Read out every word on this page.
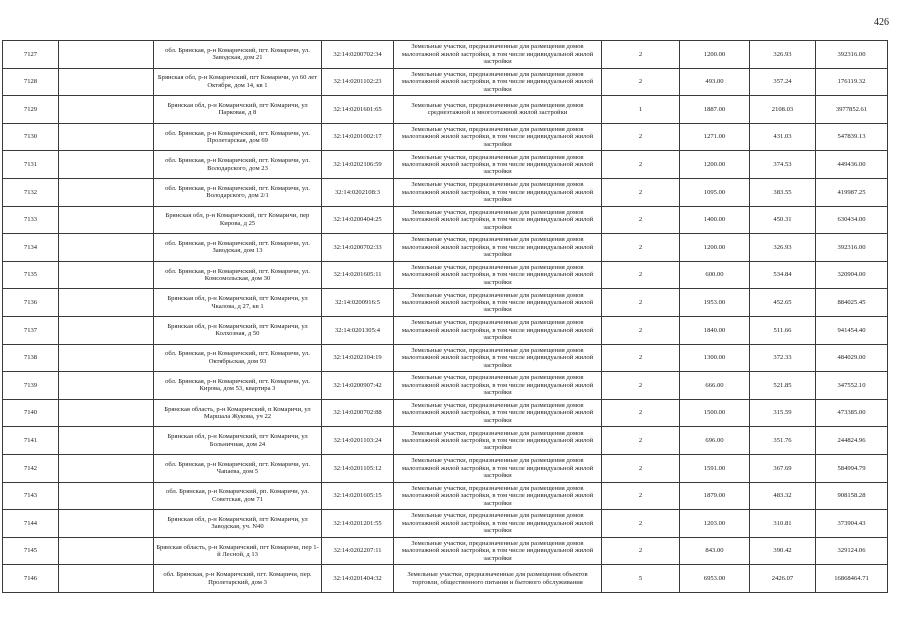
426
7127		обл. Брянская, р-н Комаричский, пгт. Комаричи, ул. Заводская, дом 21	32:14:0200702:34	Земельные участки, предназначенные для размещения домов малоэтажной жилой застройки, в том числе индивидуальной жилой застройки	2	1200.00	326.93	392316.00
7128		Брянская обл, р-н Комаричский, пгт Комаричи, ул 60 лет Октября, дом 14, кв 1	32:14:0201102:23	Земельные участки, предназначенные для размещения домов малоэтажной жилой застройки, в том числе индивидуальной жилой застройки	2	493.00	357.24	176119.32
7129		Брянская обл, р-н Комаричский, пгт Комаричи, ул Парковая, д 8	32:14:0201601:65	Земельные участки, предназначенные для размещения домов среднеэтажной и многоэтажной жилой застройки	1	1887.00	2108.03	3977852.61
7130		обл. Брянская, р-н Комаричский, пгт. Комаричи, ул. Пролетарская, дом 69	32:14:0201002:17	Земельные участки, предназначенные для размещения домов малоэтажной жилой застройки, в том числе индивидуальной жилой застройки	2	1271.00	431.03	547839.13
7131		обл. Брянская, р-н Комаричский, пгт. Комаричи, ул. Володарского, дом 23	32:14:0202106:59	Земельные участки, предназначенные для размещения домов малоэтажной жилой застройки, в том числе индивидуальной жилой застройки	2	1200.00	374.53	449436.00
7132		обл. Брянская, р-н Комаричский, пгт. Комаричи, ул. Володарского, дом 2/1	32:14:0202108:3	Земельные участки, предназначенные для размещения домов малоэтажной жилой застройки, в том числе индивидуальной жилой застройки	2	1095.00	383.55	419987.25
7133		Брянская обл, р-н Комаричский, пгт Комаричи, пер Кирова, д 25	32:14:0200404:25	Земельные участки, предназначенные для размещения домов малоэтажной жилой застройки, в том числе индивидуальной жилой застройки	2	1400.00	450.31	630434.00
7134		обл. Брянская, р-н Комаричский, пгт. Комаричи, ул. Заводская, дом 13	32:14:0200702:33	Земельные участки, предназначенные для размещения домов малоэтажной жилой застройки, в том числе индивидуальной жилой застройки	2	1200.00	326.93	392316.00
7135		обл. Брянская, р-н Комаричский, пгт. Комаричи, ул. Комсомольская, дом 30	32:14:0201605:11	Земельные участки, предназначенные для размещения домов малоэтажной жилой застройки, в том числе индивидуальной жилой застройки	2	600.00	534.84	320904.00
7136		Брянская обл, р-н Комаричский, пгт Комаричи, ул Чкалова, д 27, кв 1	32:14:0200916:5	Земельные участки, предназначенные для размещения домов малоэтажной жилой застройки, в том числе индивидуальной жилой застройки	2	1953.00	452.65	884025.45
7137		Брянская обл, р-н Комаричский, пгт Комаричи, ул Колхозная, д 50	32:14:0201305:4	Земельные участки, предназначенные для размещения домов малоэтажной жилой застройки, в том числе индивидуальной жилой застройки	2	1840.00	511.66	941454.40
7138		обл. Брянская, р-н Комаричский, пгт. Комаричи, ул. Октябрьская, дом 93	32:14:0202104:19	Земельные участки, предназначенные для размещения домов малоэтажной жилой застройки, в том числе индивидуальной жилой застройки	2	1300.00	372.33	484029.00
7139		обл. Брянская, р-н Комаричский, пгт. Комаричи, ул. Кирова, дом 53, квартира 3	32:14:0200907:42	Земельные участки, предназначенные для размещения домов малоэтажной жилой застройки, в том числе индивидуальной жилой застройки	2	666.00	521.85	347552.10
7140		Брянская область, р-н Комаричский, п Комаричи, ул Маршала Жукова, уч 22	32:14:0200702:88	Земельные участки, предназначенные для размещения домов малоэтажной жилой застройки, в том числе индивидуальной жилой застройки	2	1500.00	315.59	473385.00
7141		Брянская обл, р-н Комаричский, пгт Комаричи, ул Больничная, дом 24	32:14:0201103:24	Земельные участки, предназначенные для размещения домов малоэтажной жилой застройки, в том числе индивидуальной жилой застройки	2	696.00	351.76	244824.96
7142		обл. Брянская, р-н Комаричский, пгт. Комаричи, ул. Чапаева, дом 5	32:14:0201105:12	Земельные участки, предназначенные для размещения домов малоэтажной жилой застройки, в том числе индивидуальной жилой застройки	2	1591.00	367.69	584994.79
7143		обл. Брянская, р-н Комаричский, рп. Комаричи, ул. Советская, дом 71	32:14:0201605:15	Земельные участки, предназначенные для размещения домов малоэтажной жилой застройки, в том числе индивидуальной жилой застройки	2	1879.00	483.32	908158.28
7144		Брянская обл, р-н Комаричский, пгт Комаричи, ул Заводская, уч. N40	32:14:0201201:55	Земельные участки, предназначенные для размещения домов малоэтажной жилой застройки, в том числе индивидуальной жилой застройки	2	1203.00	310.81	373904.43
7145		Брянская область, р-н Комаричский, пгт Комаричи, пер 1-й Лесной, д 13	32:14:0202207:11	Земельные участки, предназначенные для размещения домов малоэтажной жилой застройки, в том числе индивидуальной жилой застройки	2	843.00	390.42	329124.06
7146		обл. Брянская, р-н Комаричский, пгт. Комаричи, пер. Пролетарский, дом 3	32:14:0201404:32	Земельные участки, предназначенные для размещения объектов торговли, общественного питания и бытового обслуживания	5	6953.00	2426.07	16868464.71
